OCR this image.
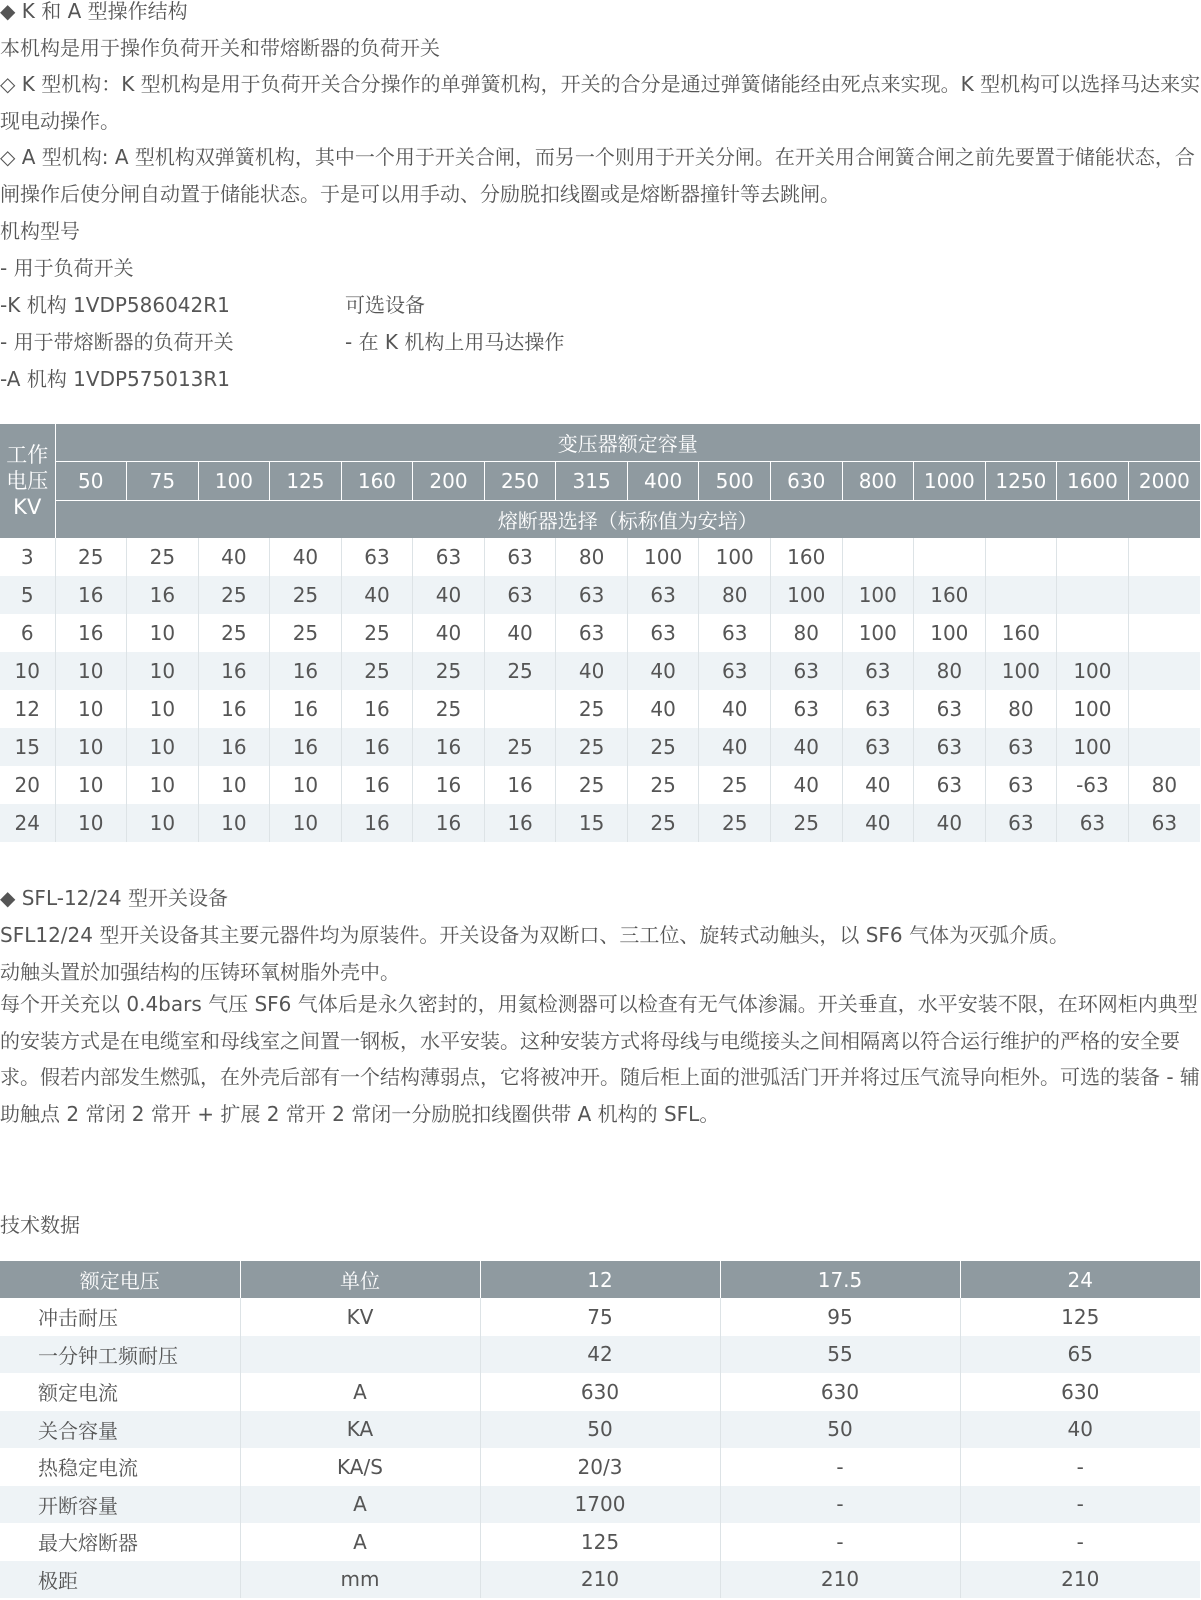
◆ K 和 A 型操作结构
本机构是用于操作负荷开关和带熔断器的负荷开关
◇ K 型机构：K 型机构是用于负荷开关合分操作的单弹簧机构，开关的合分是通过弹簧储能经由死点来实现。K 型机构可以选择马达来实现电动操作。
◇ A 型机构: A 型机构双弹簧机构，其中一个用于开关合闸，而另一个则用于开关分闸。在开关用合闸簧合闸之前先要置于储能状态，合闸操作后使分闸自动置于储能状态。于是可以用手动、分励脱扣线圈或是熔断器撞针等去跳闸。
机构型号
- 用于负荷开关
-K 机构 1VDP586042R1
- 用于带熔断器的负荷开关
-A 机构 1VDP575013R1
可选设备
- 在 K 机构上用马达操作
工作
电压
KV	变压器额定容量															
	50	75	100	125	160	200	250	315	400	500	630	800	1000	1250	1600	2000
	熔断器选择（标称值为安培）															
3	25	25	40	40	63	63	63	80	100	100	160					
5	16	16	25	25	40	40	63	63	63	80	100	100	160			
6	16	10	25	25	25	40	40	63	63	63	80	100	100	160		
10	10	10	16	16	25	25	25	40	40	63	63	63	80	100	100	
12	10	10	16	16	16	25		25	40	40	63	63	63	80	100	
15	10	10	16	16	16	16	25	25	25	40	40	63	63	63	100	
20	10	10	10	10	16	16	16	25	25	25	40	40	63	63	-63	80
24	10	10	10	10	16	16	16	15	25	25	25	40	40	63	63	63
◆ SFL-12/24 型开关设备
SFL12/24 型开关设备其主要元器件均为原装件。开关设备为双断口、三工位、旋转式动触头，以 SF6 气体为灭弧介质。
动触头置於加强结构的压铸环氧树脂外壳中。
每个开关充以 0.4bars 气压 SF6 气体后是永久密封的，用氦检测器可以检查有无气体渗漏。开关垂直，水平安装不限，在环网柜内典型的安装方式是在电缆室和母线室之间置一钢板，水平安装。这种安装方式将母线与电缆接头之间相隔离以符合运行维护的严格的安全要求。假若内部发生燃弧，在外壳后部有一个结构薄弱点，它将被冲开。随后柜上面的泄弧活门开并将过压气流导向柜外。可选的装备 - 辅助触点 2 常闭 2 常开 + 扩展 2 常开 2 常闭一分励脱扣线圈供带 A 机构的 SFL。
技术数据
额定电压	单位	12	17.5	24
冲击耐压	KV	75	95	125
一分钟工频耐压		42	55	65
额定电流	A	630	630	630
关合容量	KA	50	50	40
热稳定电流	KA/S	20/3	-	-
开断容量	A	1700	-	-
最大熔断器	A	125	-	-
极距	mm	210	210	210
